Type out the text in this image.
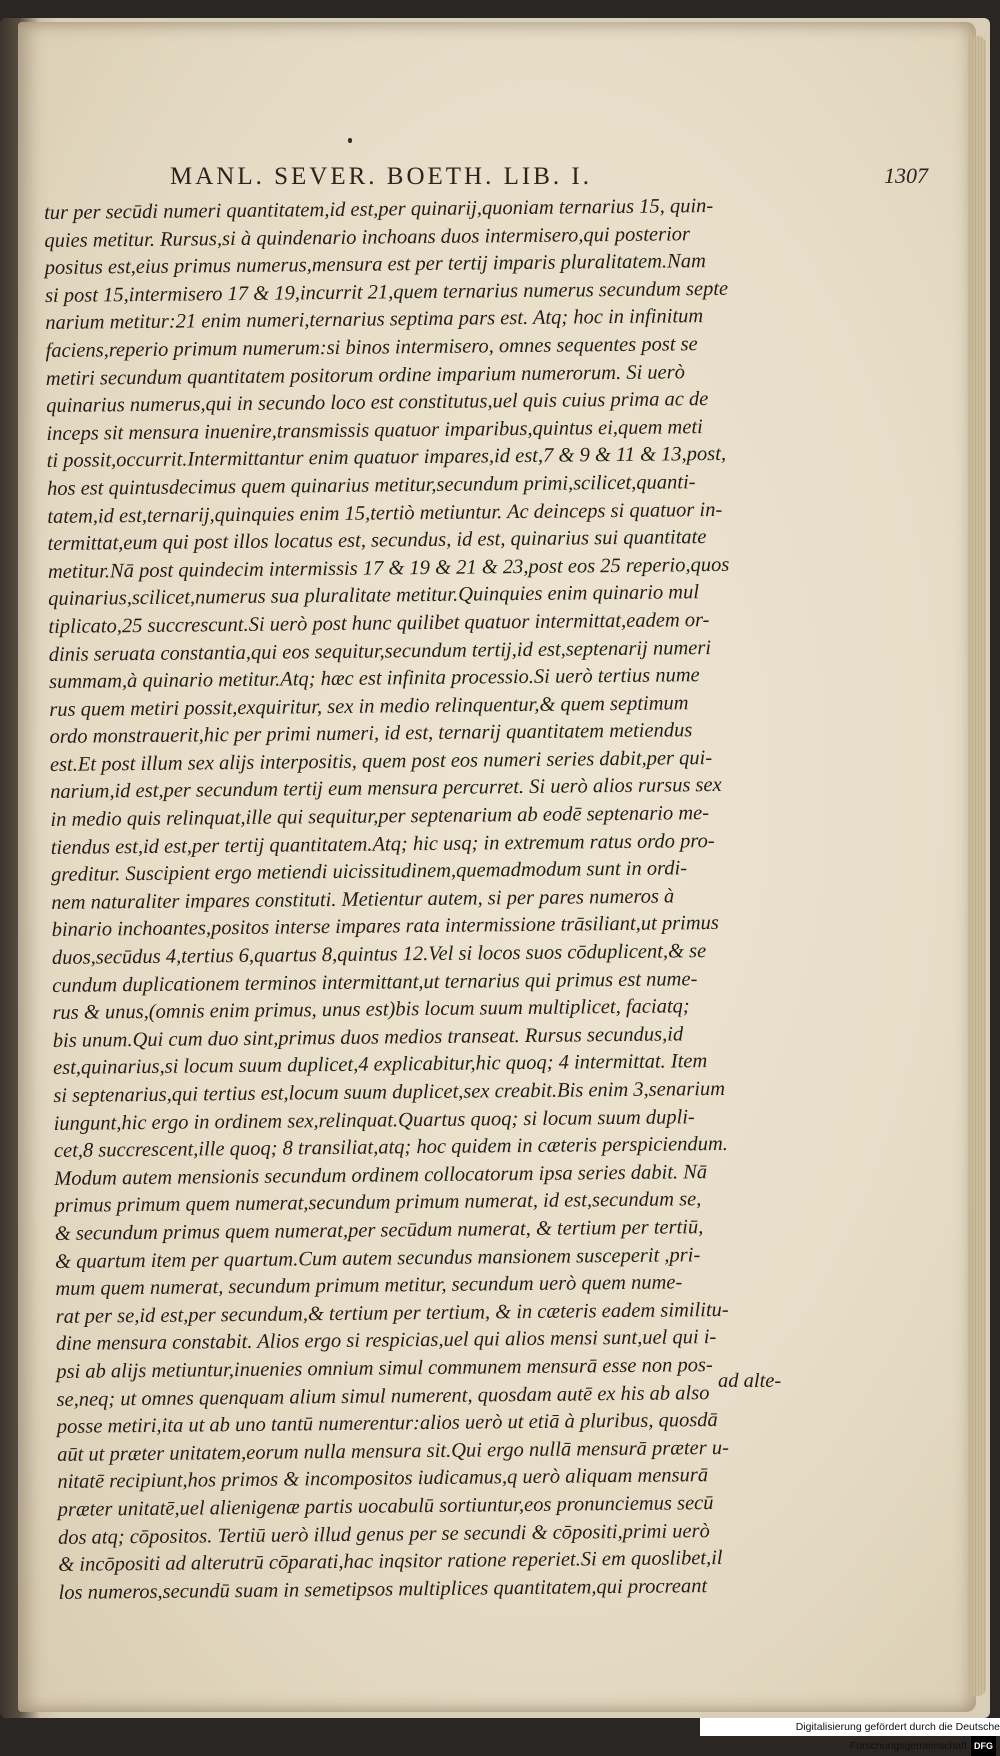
MANL. SEVER. BOETH. LIB. I.	1307
tur per secūdi numeri quantitatem,id est,per quinarij,quoniam ternarius 15, quin-
quies metitur. Rursus,si à quindenario inchoans duos intermisero,qui posterior
positus est,eius primus numerus,mensura est per tertij imparis pluralitatem.Nam
si post 15,intermisero 17 & 19,incurrit 21,quem ternarius numerus secundum septe
narium metitur:21 enim numeri,ternarius septima pars est. Atq; hoc in infinitum
faciens,reperio primum numerum:si binos intermisero, omnes sequentes post se
metiri secundum quantitatem positorum ordine imparium numerorum. Si uerò
quinarius numerus,qui in secundo loco est constitutus,uel quis cuius prima ac de
inceps sit mensura inuenire,transmissis quatuor imparibus,quintus ei,quem meti
ti possit,occurrit.Intermittantur enim quatuor impares,id est,7 & 9 & 11 & 13,post,
hos est quintusdecimus quem quinarius metitur,secundum primi,scilicet,quanti-
tatem,id est,ternarij,quinquies enim 15,tertiò metiuntur. Ac deinceps si quatuor in-
termittat,eum qui post illos locatus est, secundus, id est, quinarius sui quantitate
metitur.Nā post quindecim intermissis 17 & 19 & 21 & 23,post eos 25 reperio,quos
quinarius,scilicet,numerus sua pluralitate metitur.Quinquies enim quinario mul
tiplicato,25 succrescunt.Si uerò post hunc quilibet quatuor intermittat,eadem or-
dinis seruata constantia,qui eos sequitur,secundum tertij,id est,septenarij numeri
summam,à quinario metitur.Atq; hæc est infinita processio.Si uerò tertius nume
rus quem metiri possit,exquiritur, sex in medio relinquentur,& quem septimum
ordo monstrauerit,hic per primi numeri, id est, ternarij quantitatem metiendus
est.Et post illum sex alijs interpositis, quem post eos numeri series dabit,per qui-
narium,id est,per secundum tertij eum mensura percurret. Si uerò alios rursus sex
in medio quis relinquat,ille qui sequitur,per septenarium ab eodē septenario me-
tiendus est,id est,per tertij quantitatem.Atq; hic usq; in extremum ratus ordo pro-
greditur. Suscipient ergo metiendi uicissitudinem,quemadmodum sunt in ordi-
nem naturaliter impares constituti. Metientur autem, si per pares numeros à
binario inchoantes,positos interse impares rata intermissione trāsiliant,ut primus
duos,secūdus 4,tertius 6,quartus 8,quintus 12.Vel si locos suos cōduplicent,& se
cundum duplicationem terminos intermittant,ut ternarius qui primus est nume-
rus & unus,(omnis enim primus, unus est)bis locum suum multiplicet, faciatq;
bis unum.Qui cum duo sint,primus duos medios transeat. Rursus secundus,id
est,quinarius,si locum suum duplicet,4 explicabitur,hic quoq; 4 intermittat. Item
si septenarius,qui tertius est,locum suum duplicet,sex creabit.Bis enim 3,senarium
iungunt,hic ergo in ordinem sex,relinquat.Quartus quoq; si locum suum dupli-
cet,8 succrescent,ille quoq; 8 transiliat,atq; hoc quidem in cæteris perspiciendum.
Modum autem mensionis secundum ordinem collocatorum ipsa series dabit. Nā
primus primum quem numerat,secundum primum numerat, id est,secundum se,
& secundum primus quem numerat,per secūdum numerat, & tertium per tertiū,
& quartum item per quartum.Cum autem secundus mansionem susceperit ,pri-
mum quem numerat, secundum primum metitur, secundum uerò quem nume-
rat per se,id est,per secundum,& tertium per tertium, & in cæteris eadem similitu-
dine mensura constabit. Alios ergo si respicias,uel qui alios mensi sunt,uel qui i-
psi ab alijs metiuntur,inuenies omnium simul communem mensurā esse non pos-
se,neq; ut omnes quenquam alium simul numerent, quosdam autē ex his ab also
posse metiri,ita ut ab uno tantū numerentur:alios uerò ut etiā à pluribus, quosdā
aūt ut præter unitatem,eorum nulla mensura sit.Qui ergo nullā mensurā præter u-
nitatē recipiunt,hos primos & incompositos iudicamus,q uerò aliquam mensurā
præter unitatē,uel alienigenæ partis uocabulū sortiuntur,eos pronunciemus secū
dos atq; cōpositos. Tertiū uerò illud genus per se secundi & cōpositi,primi uerò
& incōpositi ad alterutrū cōparati,hac inqsitor ratione reperiet.Si em quoslibet,il
los numeros,secundū suam in semetipsos multiplices quantitatem,qui procreant
ad alte-
Digitalisierung gefördert durch die Deutsche Forschungsgemeinschaft DFG
